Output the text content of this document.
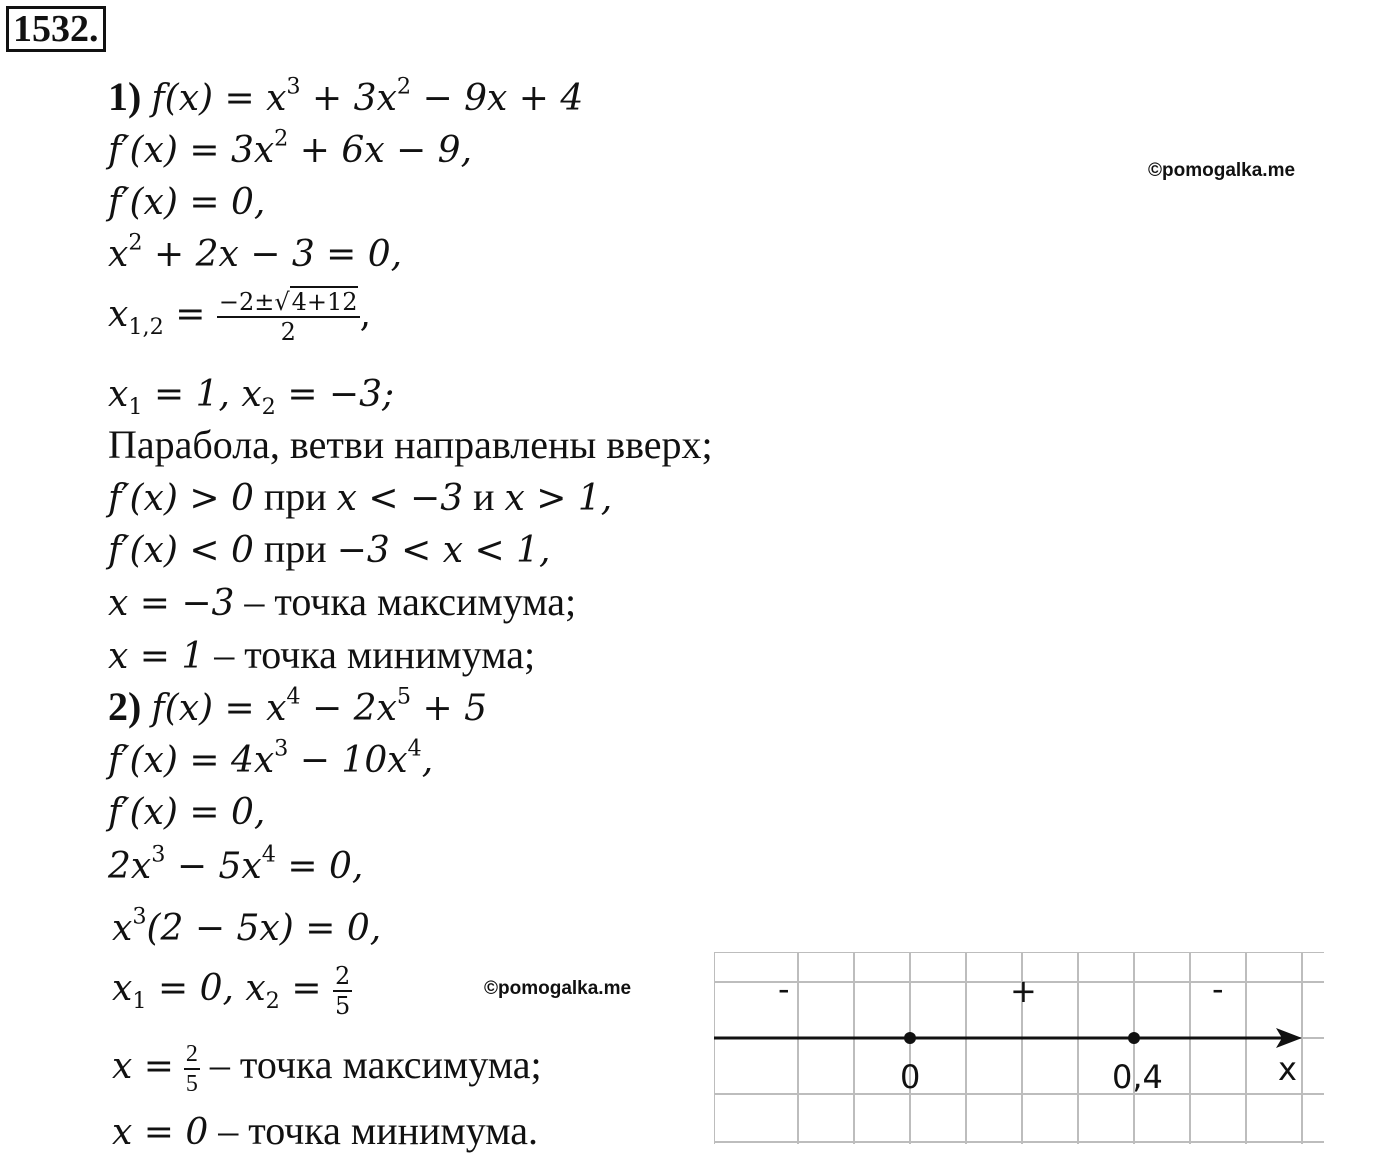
1532.
©pomogalka.me
©pomogalka.me
1) $f(x) = x^3 + 3x^2 - 9x + 4$
$f'(x) = 3x^2 + 6x - 9$,
f′(x) = 0,
$x^2 + 2x - 3 = 0$,
$x_{1,2} = \frac{-2\pm√4+12}{2}$ ,
$x_1 = 1$, $x_2 = -3$;
Парабола, ветви направлены вверх;
f′(x) > 0 при x < −3 и x > 1,
f′(x) < 0 при −3 < x < 1,
x = −3 – точка максимума;
x = 1 – точка минимума;
2) $f(x) = x^4 - 2x^5 + 5$
$f'(x) = 4x^3 - 10x^4$,
f′(x) = 0,
$2x^3 - 5x^4 = 0$,
$x^3(2 - 5x) = 0$,
$x_1 = 0$, $x_2 = \frac{2}{5}$
$x = \frac{2}{5}$ – точка максимума;
x = 0 – точка минимума.
-	+	-
0	0,4	x
